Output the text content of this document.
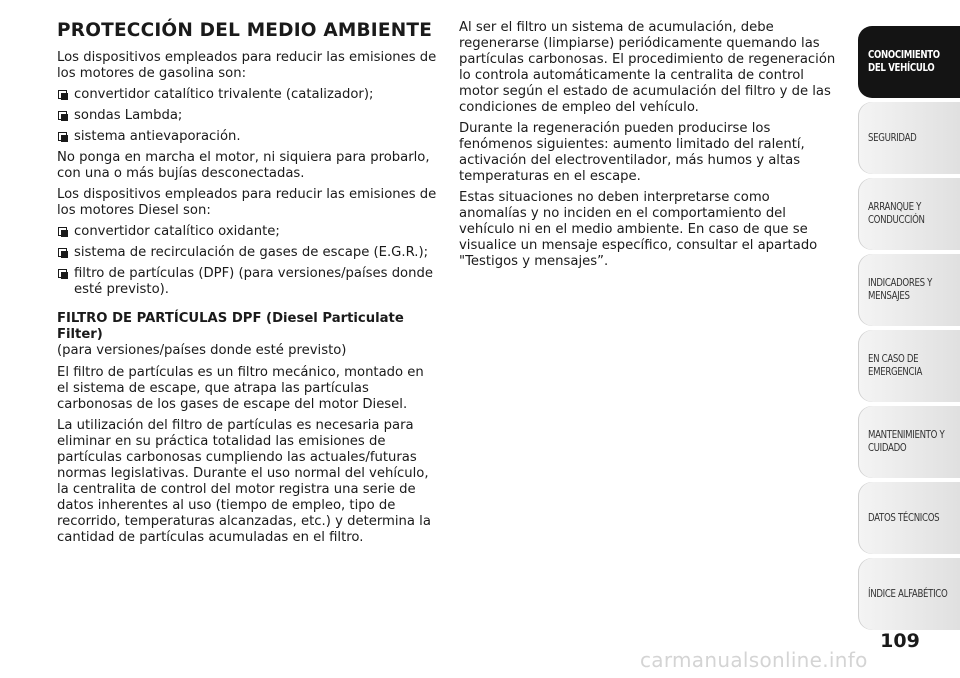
PROTECCIÓN DEL MEDIO AMBIENTE

Los dispositivos empleados para reducir las emisiones de los motores de gasolina son:

convertidor catalítico trivalente (catalizador);
sondas Lambda;
sistema antievaporación.

No ponga en marcha el motor, ni siquiera para probarlo, con una o más bujías desconectadas.

Los dispositivos empleados para reducir las emisiones de los motores Diesel son:

convertidor catalítico oxidante;
sistema de recirculación de gases de escape (E.G.R.);
filtro de partículas (DPF) (para versiones/países donde esté previsto).
FILTRO DE PARTÍCULAS DPF (Diesel Particulate Filter)

(para versiones/países donde esté previsto)

El filtro de partículas es un filtro mecánico, montado en el sistema de escape, que atrapa las partículas carbonosas de los gases de escape del motor Diesel.

La utilización del filtro de partículas es necesaria para eliminar en su práctica totalidad las emisiones de partículas carbonosas cumpliendo las actuales/futuras normas legislativas. Durante el uso normal del vehículo, la centralita de control del motor registra una serie de datos inherentes al uso (tiempo de empleo, tipo de recorrido, temperaturas alcanzadas, etc.) y determina la cantidad de partículas acumuladas en el filtro.

Al ser el filtro un sistema de acumulación, debe regenerarse (limpiarse) periódicamente quemando las partículas carbonosas. El procedimiento de regeneración lo controla automáticamente la centralita de control motor según el estado de acumulación del filtro y de las condiciones de empleo del vehículo.

Durante la regeneración pueden producirse los fenómenos siguientes: aumento limitado del ralentí, activación del electroventilador, más humos y altas temperaturas en el escape.

Estas situaciones no deben interpretarse como anomalías y no inciden en el comportamiento del vehículo ni en el medio ambiente. En caso de que se visualice un mensaje específico, consultar el apartado "Testigos y mensajes”.

CONOCIMIENTO
DEL VEHÍCULO
SEGURIDAD
ARRANQUE Y
CONDUCCIÓN
INDICADORES Y
MENSAJES
EN CASO DE
EMERGENCIA
MANTENIMIENTO Y
CUIDADO
DATOS TÉCNICOS
ÍNDICE ALFABÉTICO
109
carmanualsonline.info
